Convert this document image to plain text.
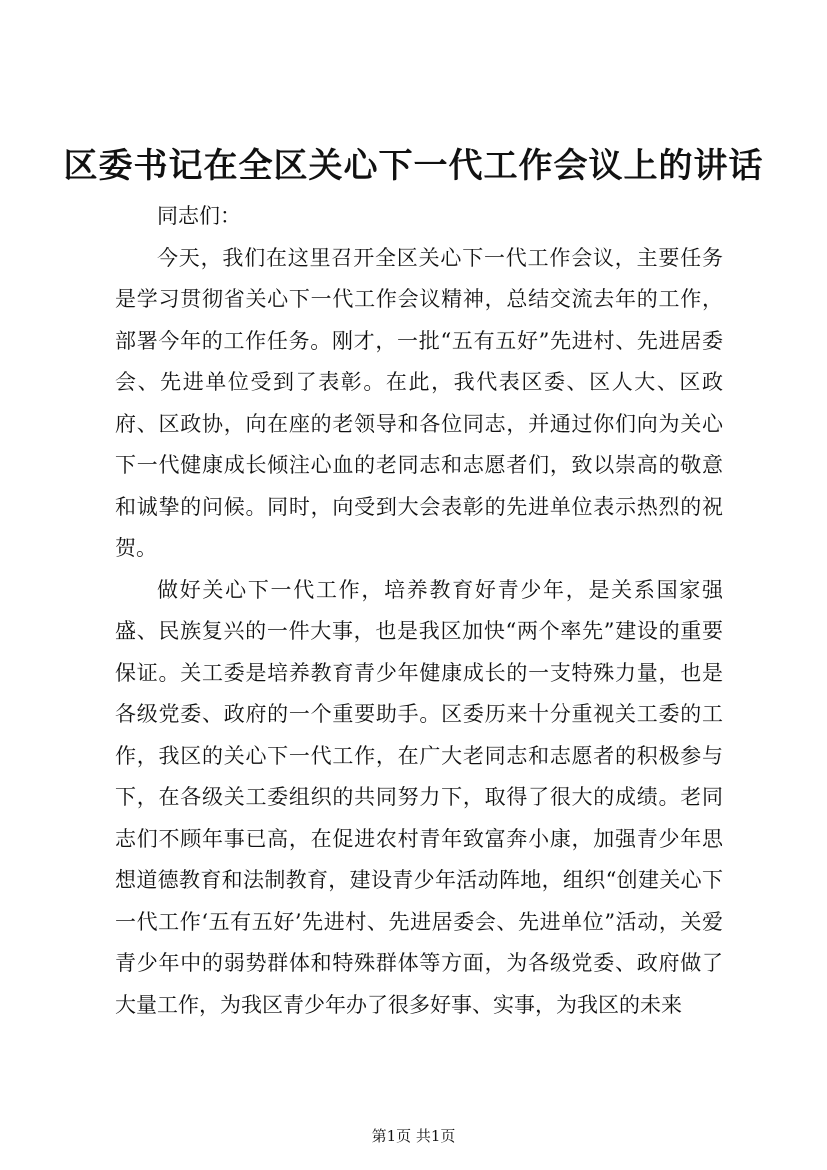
区委书记在全区关心下一代工作会议上的讲话

同志们：

今天，我们在这里召开全区关心下一代工作会议，主要任务是学习贯彻省关心下一代工作会议精神，总结交流去年的工作，部署今年的工作任务。刚才，一批“五有五好”先进村、先进居委会、先进单位受到了表彰。在此，我代表区委、区人大、区政府、区政协，向在座的老领导和各位同志，并通过你们向为关心下一代健康成长倾注心血的老同志和志愿者们，致以崇高的敬意和诚挚的问候。同时，向受到大会表彰的先进单位表示热烈的祝贺。

做好关心下一代工作，培养教育好青少年，是关系国家强盛、民族复兴的一件大事，也是我区加快“两个率先”建设的重要保证。关工委是培养教育青少年健康成长的一支特殊力量，也是各级党委、政府的一个重要助手。区委历来十分重视关工委的工作，我区的关心下一代工作，在广大老同志和志愿者的积极参与下，在各级关工委组织的共同努力下，取得了很大的成绩。老同志们不顾年事已高，在促进农村青年致富奔小康，加强青少年思想道德教育和法制教育，建设青少年活动阵地，组织“创建关心下一代工作‘五有五好’先进村、先进居委会、先进单位”活动，关爱青少年中的弱势群体和特殊群体等方面，为各级党委、政府做了大量工作，为我区青少年办了很多好事、实事，为我区的未来

第1页 共1页
